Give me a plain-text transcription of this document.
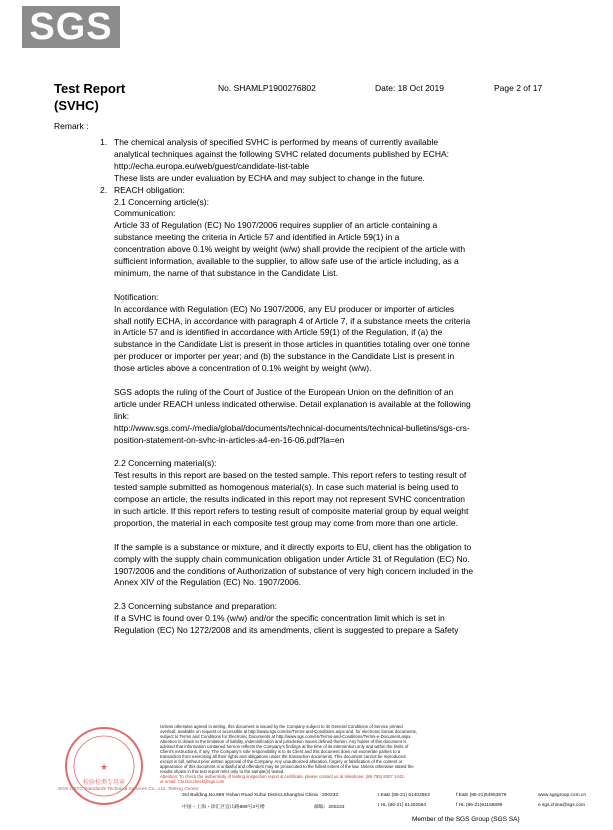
SGS
Test Report
(SVHC)
No. SHAMLP1900276802	Date: 18 Oct 2019	Page 2 of 17
Remark :
1. The chemical analysis of specified SVHC is performed by means of currently available

analytical techniques against the following SVHC related documents published by ECHA:

http://echa.europa.eu/web/guest/candidate-list-table

These lists are under evaluation by ECHA and may subject to change in the future.

2. REACH obligation:

2.1 Concerning article(s):

Communication:

Article 33 of Regulation (EC) No 1907/2006 requires supplier of an article containing a

substance meeting the criteria in Article 57 and identified in Article 59(1) in a

concentration above 0.1% weight by weight (w/w) shall provide the recipient of the article with

sufficient information, available to the supplier, to allow safe use of the article including, as a

minimum, the name of that substance in the Candidate List.

Notification:

In accordance with Regulation (EC) No 1907/2006, any EU producer or importer of articles

shall notify ECHA, in accordance with paragraph 4 of Article 7, if a substance meets the criteria

in Article 57 and is identified in accordance with Article 59(1) of the Regulation, if (a) the

substance in the Candidate List is present in those articles in quantities totaling over one tonne

per producer or importer per year; and (b) the substance in the Candidate List is present in

those articles above a concentration of 0.1% weight by weight (w/w).

SGS adopts the ruling of the Court of Justice of the European Union on the definition of an

article under REACH unless indicated otherwise. Detail explanation is available at the following

link:

http://www.sgs.com/-/media/global/documents/technical-documents/technical-bulletins/sgs-crs-

position-statement-on-svhc-in-articles-a4-en-16-06.pdf?la=en

2.2 Concerning material(s):

Test results in this report are based on the tested sample. This report refers to testing result of

tested sample submitted as homogenous material(s). In case such material is being used to

compose an article, the results indicated in this report may not represent SVHC concentration

in such article. If this report refers to testing result of composite material group by equal weight

proportion, the material in each composite test group may come from more than one article.

If the sample is a substance or mixture, and it directly exports to EU, client has the obligation to

comply with the supply chain communication obligation under Article 31 of Regulation (EC) No.

1907/2006 and the conditions of Authorization of substance of very high concern included in the

Annex XIV of the Regulation (EC) No. 1907/2006.

2.3 Concerning substance and preparation:

If a SVHC is found over 0.1% (w/w) and/or the specific concentration limit which is set in

Regulation (EC) No 1272/2008 and its amendments, client is suggested to prepare a Safety

Unless otherwise agreed in writing, this document is issued by the Company subject to its General Conditions of Service printed

overleaf, available on request or accessible at http://www.sgs.com/en/Terms-and-Conditions.aspx and, for electronic format documents,

subject to Terms and Conditions for Electronic Documents at http://www.sgs.com/en/Terms-and-Conditions/Terms-e-Document.aspx.

Attention is drawn to the limitation of liability, indemnification and jurisdiction issues defined therein. Any holder of this document is

advised that information contained hereon reflects the Company's findings at the time of its intervention only and within the limits of

Client's instructions, if any. The Company's sole responsibility is to its Client and this document does not exonerate parties to a

transaction from exercising all their rights and obligations under the transaction documents. This document cannot be reproduced

except in full, without prior written approval of the Company. Any unauthorized alteration, forgery or falsification of the content or

appearance of this document is unlawful and offenders may be prosecuted to the fullest extent of the law. Unless otherwise stated the

results shown in this test report refer only to the sample(s) tested.

Attention: To check the authenticity of testing /inspection report & certificate, please contact us at telephone: (86-755) 8307 1443,

or email: CN.Doccheck@sgs.com

★
检验检测专用章
SGS-CSTC Standards Technical Services Co., Ltd. Testing Center
3rd Building,No.889 Yishan Road Xuhui District,Shanghai China 200233	t E&E (86-21) 61402553	f E&E (86-21)64953679	www.sgsgroup.com.cn
中国・上海・徐汇区宜山路889号3号楼	邮编：200233	t HL (86-21) 61402594	f HL (86-21)61156899	e sgs.china@sgs.com
Member of the SGS Group (SGS SA)
